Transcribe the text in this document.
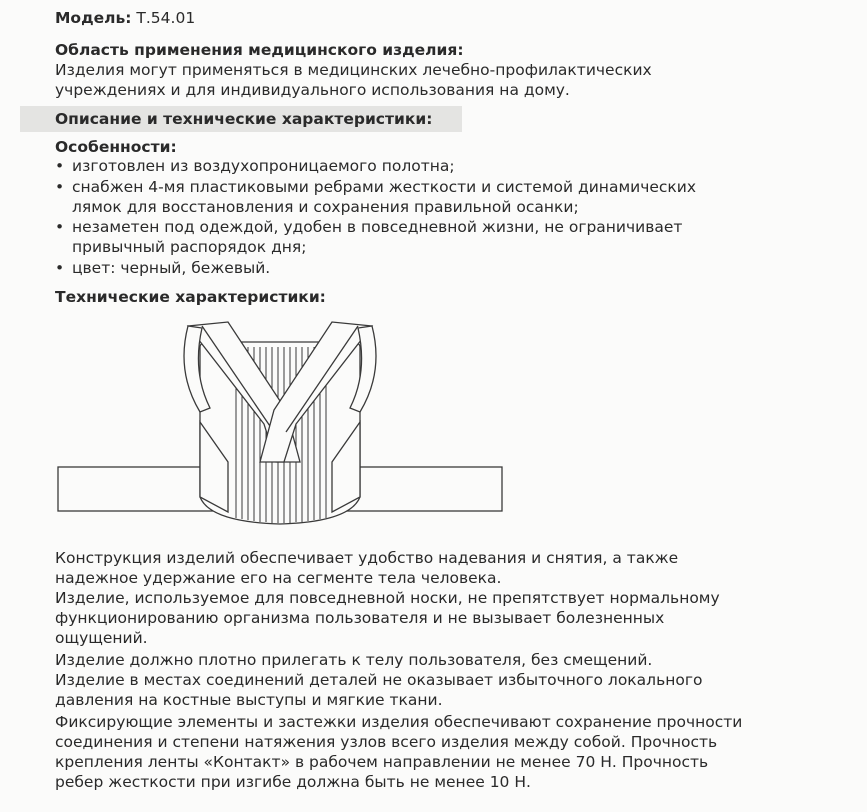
Модель: Т.54.01
Область применения медицинского изделия:
Изделия могут применяться в медицинских лечебно-профилактических
учреждениях и для индивидуального использования на дому.
Описание и технические характеристики:
Особенности:
• изготовлен из воздухопроницаемого полотна;
• снабжен 4-мя пластиковыми ребрами жесткости и системой динамических
лямок для восстановления и сохранения правильной осанки;
• незаметен под одеждой, удобен в повседневной жизни, не ограничивает
привычный распорядок дня;
• цвет: черный, бежевый.
Технические характеристики:
Конструкция изделий обеспечивает удобство надевания и снятия, а также
надежное удержание его на сегменте тела человека.
Изделие, используемое для повседневной носки, не препятствует нормальному
функционированию организма пользователя и не вызывает болезненных
ощущений.
Изделие должно плотно прилегать к телу пользователя, без смещений.
Изделие в местах соединений деталей не оказывает избыточного локального
давления на костные выступы и мягкие ткани.
Фиксирующие элементы и застежки изделия обеспечивают сохранение прочности
соединения и степени натяжения узлов всего изделия между собой. Прочность
крепления ленты «Контакт» в рабочем направлении не менее 70 Н. Прочность
ребер жесткости при изгибе должна быть не менее 10 Н.
